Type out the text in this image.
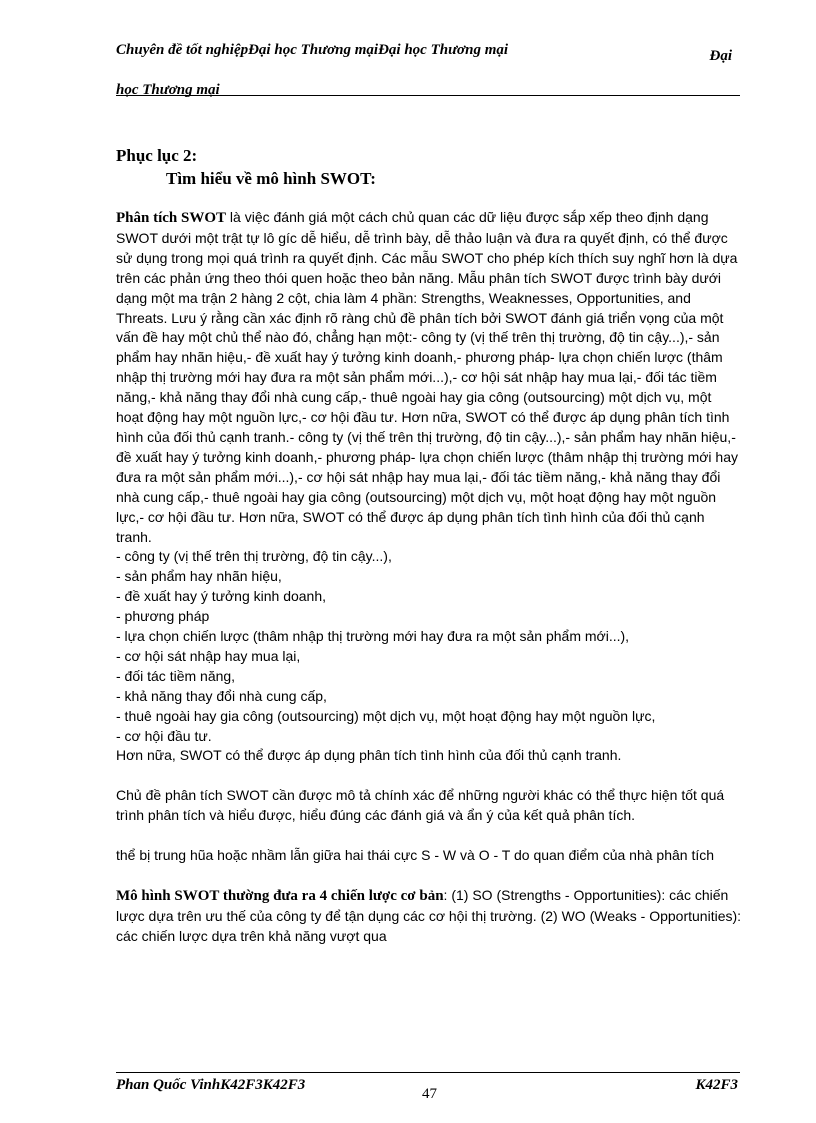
Chuyên đề tốt nghiệpĐại học Thương mạiĐại học Thương mại
học Thương mại
Đại
Phục lục 2:
Tìm hiểu về mô hình SWOT:

Phân tích SWOT là việc đánh giá một cách chủ quan các dữ liệu được sắp xếp theo định dạng SWOT dưới một trật tự lô gíc dễ hiểu, dễ trình bày, dễ thảo luận và đưa ra quyết định, có thể được sử dụng trong mọi quá trình ra quyết định. Các mẫu SWOT cho phép kích thích suy nghĩ hơn là dựa trên các phản ứng theo thói quen hoặc theo bản năng. Mẫu phân tích SWOT được trình bày dưới dạng một ma trận 2 hàng 2 cột, chia làm 4 phần: Strengths, Weaknesses, Opportunities, and Threats. Lưu ý rằng cần xác định rõ ràng chủ đề phân tích bởi SWOT đánh giá triển vọng của một vấn đề hay một chủ thể nào đó, chẳng hạn một:- công ty (vị thế trên thị trường, độ tin cậy...),- sản phẩm hay nhãn hiệu,- đề xuất hay ý tưởng kinh doanh,- phương pháp- lựa chọn chiến lược (thâm nhập thị trường mới hay đưa ra một sản phẩm mới...),- cơ hội sát nhập hay mua lại,- đối tác tiềm năng,- khả năng thay đổi nhà cung cấp,- thuê ngoài hay gia công (outsourcing) một dịch vụ, một hoạt động hay một nguồn lực,- cơ hội đầu tư. Hơn nữa, SWOT có thể được áp dụng phân tích tình hình của đối thủ cạnh tranh.- công ty (vị thế trên thị trường, độ tin cậy...),- sản phẩm hay nhãn hiệu,- đề xuất hay ý tưởng kinh doanh,- phương pháp- lựa chọn chiến lược (thâm nhập thị trường mới hay đưa ra một sản phẩm mới...),- cơ hội sát nhập hay mua lại,- đối tác tiềm năng,- khả năng thay đổi nhà cung cấp,- thuê ngoài hay gia công (outsourcing) một dịch vụ, một hoạt động hay một nguồn lực,- cơ hội đầu tư. Hơn nữa, SWOT có thể được áp dụng phân tích tình hình của đối thủ cạnh tranh.

- công ty (vị thế trên thị trường, độ tin cậy...),
- sản phẩm hay nhãn hiệu,
- đề xuất hay ý tưởng kinh doanh,
- phương pháp
- lựa chọn chiến lược (thâm nhập thị trường mới hay đưa ra một sản phẩm mới...),
- cơ hội sát nhập hay mua lại,
- đối tác tiềm năng,
- khả năng thay đổi nhà cung cấp,
- thuê ngoài hay gia công (outsourcing) một dịch vụ, một hoạt động hay một nguồn lực,
- cơ hội đầu tư.

Hơn nữa, SWOT có thể được áp dụng phân tích tình hình của đối thủ cạnh tranh.

Chủ đề phân tích SWOT cần được mô tả chính xác để những người khác có thể thực hiện tốt quá trình phân tích và hiểu được, hiểu đúng các đánh giá và ẩn ý của kết quả phân tích.

thể bị trung hũa hoặc nhầm lẫn giữa hai thái cực S - W và O - T do quan điểm của nhà phân tích

Mô hình SWOT thường đưa ra 4 chiến lược cơ bản: (1) SO (Strengths - Opportunities): các chiến lược dựa trên ưu thế của công ty để tận dụng các cơ hội thị trường. (2) WO (Weaks - Opportunities): các chiến lược dựa trên khả năng vượt qua

Phan Quốc VinhK42F3K42F3
47
K42F3
